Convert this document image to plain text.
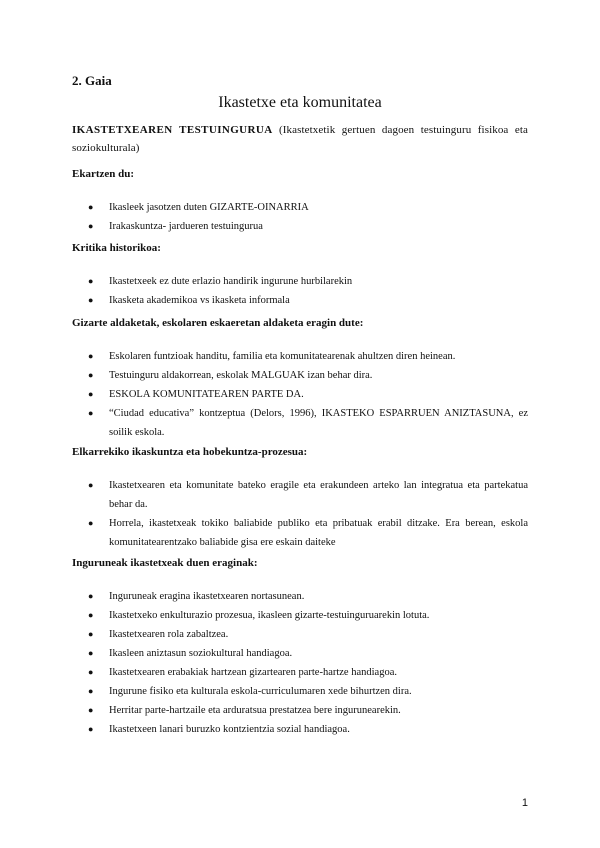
2. Gaia
Ikastetxe eta komunitatea
IKASTETXEAREN TESTUINGURUA (Ikastetxetik gertuen dagoen testuinguru fisikoa eta soziokulturala)
Ekartzen du:
● Ikasleek jasotzen duten GIZARTE-OINARRIA
● Irakaskuntza- jardueren testuingurua
Kritika historikoa:
● Ikastetxeek ez dute erlazio handirik ingurune hurbilarekin
● Ikasketa akademikoa vs ikasketa informala
Gizarte aldaketak, eskolaren eskaeretan aldaketa eragin dute:
● Eskolaren funtzioak handitu, familia eta komunitatearenak ahultzen diren heinean.
● Testuinguru aldakorrean, eskolak MALGUAK izan behar dira.
● ESKOLA KOMUNITATEAREN PARTE DA.
● “Ciudad educativa” kontzeptua (Delors, 1996), IKASTEKO ESPARRUEN ANIZTASUNA, ez soilik eskola.
Elkarrekiko ikaskuntza eta hobekuntza-prozesua:
● Ikastetxearen eta komunitate bateko eragile eta erakundeen arteko lan integratua eta partekatua behar da.
● Horrela, ikastetxeak tokiko baliabide publiko eta pribatuak erabil ditzake. Era berean, eskola komunitatearentzako baliabide gisa ere eskain daiteke
Inguruneak ikastetxeak duen eraginak:
● Inguruneak eragina ikastetxearen nortasunean.
● Ikastetxeko enkulturazio prozesua, ikasleen gizarte-testuinguruarekin lotuta.
● Ikastetxearen rola zabaltzea.
● Ikasleen aniztasun soziokultural handiagoa.
● Ikastetxearen erabakiak hartzean gizartearen parte-hartze handiagoa.
● Ingurune fisiko eta kulturala eskola-curriculumaren xede bihurtzen dira.
● Herritar parte-hartzaile eta arduratsua prestatzea bere ingurunearekin.
● Ikastetxeen lanari buruzko kontzientzia sozial handiagoa.
1
